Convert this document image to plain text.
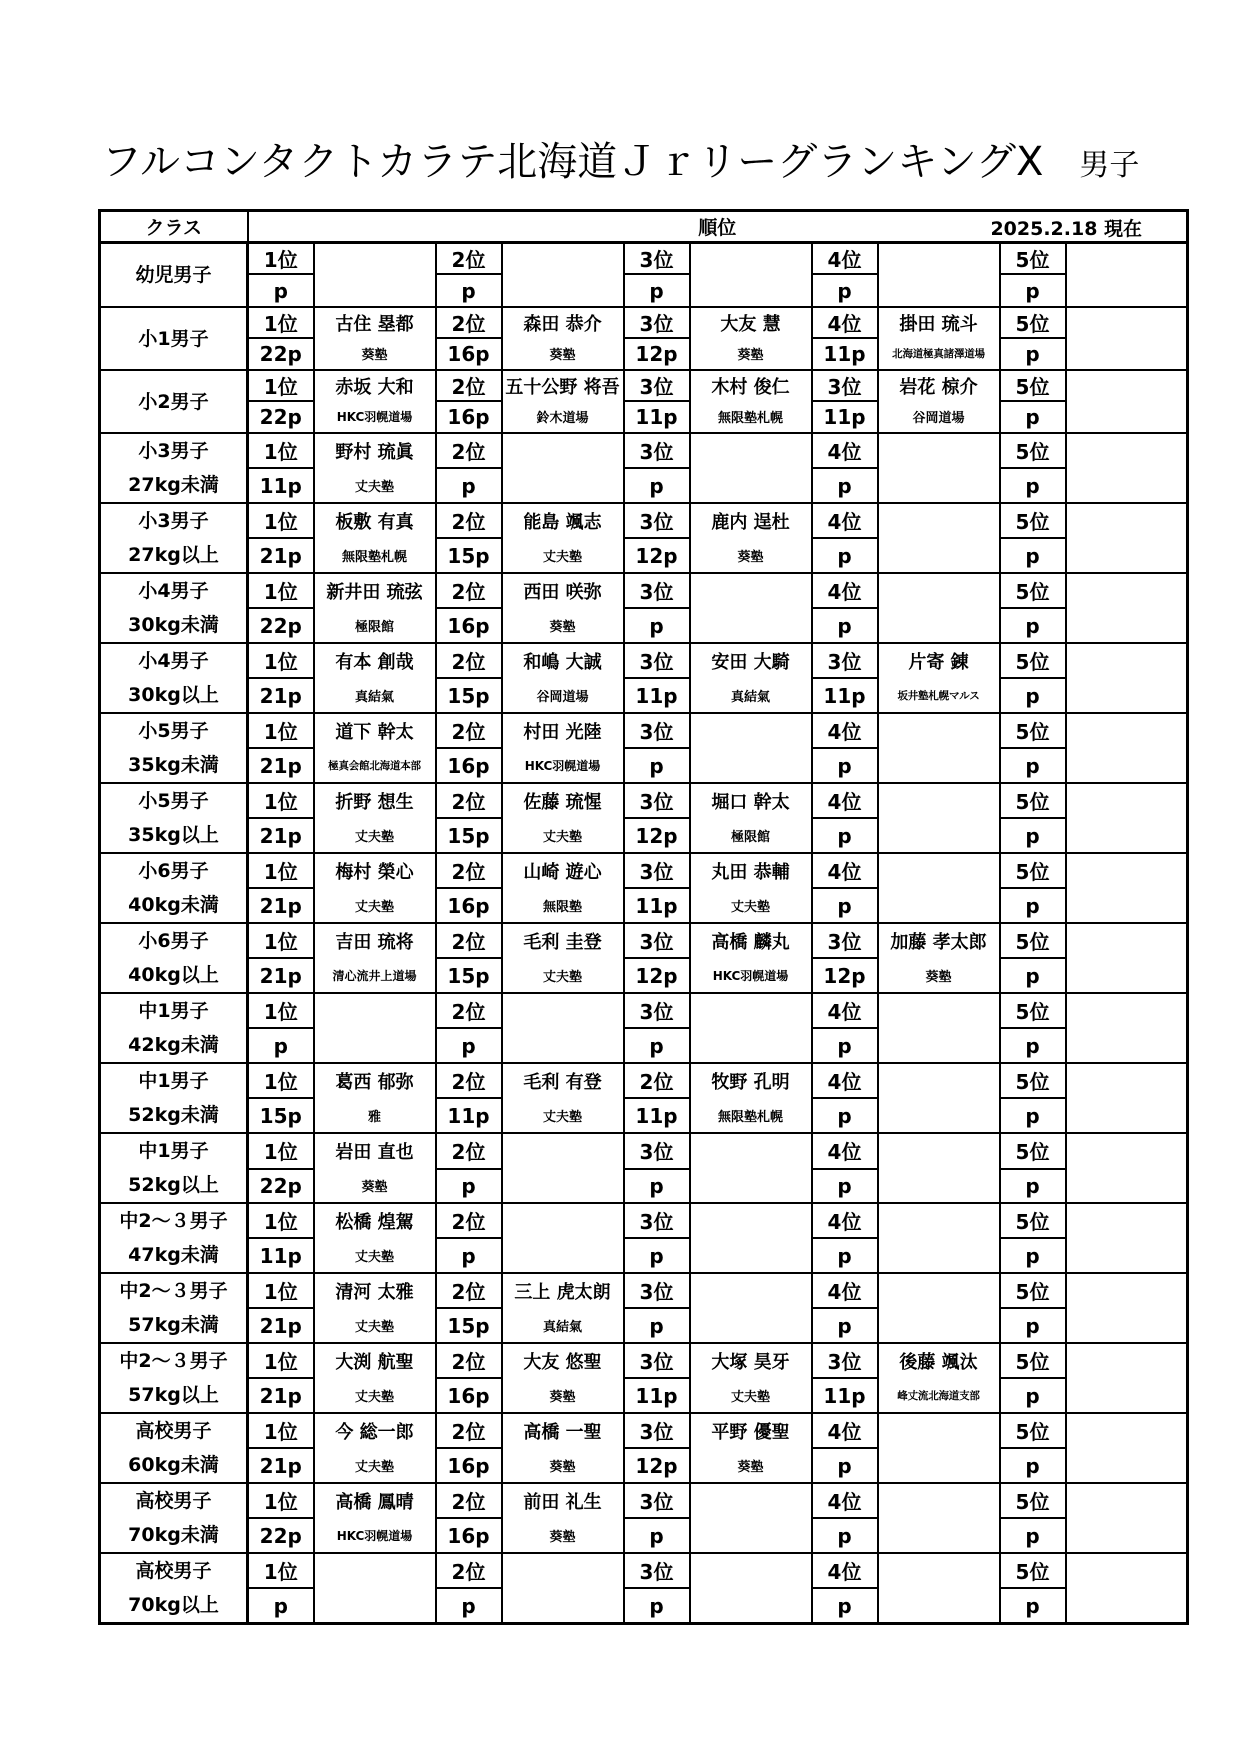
フルコンタクトカラテ北海道ＪｒリーグランキングX 男子
クラス	順位 2025.2.18 現在									

幼児男子	1位		2位		3位		4位		5位	
	p		p		p		p		p	

小1男子	1位	古住 塁都	2位	森田 恭介	3位	大友 慧	4位	掛田 琉斗	5位	
	22p	葵塾	16p	葵塾	12p	葵塾	11p	北海道極真諸澤道場	p	

小2男子	1位	赤坂 大和	2位	五十公野 将吾	3位	木村 俊仁	3位	岩花 椋介	5位	
	22p	HKC羽幌道場	16p	鈴木道場	11p	無限塾札幌	11p	谷岡道場	p	

小3男子
27kg未満	1位	野村 琉眞	2位		3位		4位		5位	
	11p	丈夫塾	p		p		p		p	

小3男子
27kg以上	1位	板敷 有真	2位	能島 颯志	3位	鹿内 逞杜	4位		5位	
	21p	無限塾札幌	15p	丈夫塾	12p	葵塾	p		p	

小4男子
30kg未満	1位	新井田 琉弦	2位	西田 咲弥	3位		4位		5位	
	22p	極限館	16p	葵塾	p		p		p	

小4男子
30kg以上	1位	有本 創哉	2位	和嶋 大誠	3位	安田 大騎	3位	片寄 錬	5位	
	21p	真結氣	15p	谷岡道場	11p	真結氣	11p	坂井塾札幌マルス	p	

小5男子
35kg未満	1位	道下 幹太	2位	村田 光陸	3位		4位		5位	
	21p	極真会館北海道本部	16p	HKC羽幌道場	p		p		p	

小5男子
35kg以上	1位	折野 想生	2位	佐藤 琉惺	3位	堀口 幹太	4位		5位	
	21p	丈夫塾	15p	丈夫塾	12p	極限館	p		p	

小6男子
40kg未満	1位	梅村 榮心	2位	山崎 遊心	3位	丸田 恭輔	4位		5位	
	21p	丈夫塾	16p	無限塾	11p	丈夫塾	p		p	

小6男子
40kg以上	1位	吉田 琉将	2位	毛利 圭登	3位	高橋 麟丸	3位	加藤 孝太郎	5位	
	21p	清心流井上道場	15p	丈夫塾	12p	HKC羽幌道場	12p	葵塾	p	

中1男子
42kg未満	1位		2位		3位		4位		5位	
	p		p		p		p		p	

中1男子
52kg未満	1位	葛西 郁弥	2位	毛利 有登	2位	牧野 孔明	4位		5位	
	15p	雅	11p	丈夫塾	11p	無限塾札幌	p		p	

中1男子
52kg以上	1位	岩田 直也	2位		3位		4位		5位	
	22p	葵塾	p		p		p		p	

中2～３男子
47kg未満	1位	松橋 煌駕	2位		3位		4位		5位	
	11p	丈夫塾	p		p		p		p	

中2～３男子
57kg未満	1位	清河 太雅	2位	三上 虎太朗	3位		4位		5位	
	21p	丈夫塾	15p	真結氣	p		p		p	

中2～３男子
57kg以上	1位	大渕 航聖	2位	大友 悠聖	3位	大塚 昊牙	3位	後藤 颯汰	5位	
	21p	丈夫塾	16p	葵塾	11p	丈夫塾	11p	峰丈流北海道支部	p	

高校男子
60kg未満	1位	今 総一郎	2位	高橋 一聖	3位	平野 優聖	4位		5位	
	21p	丈夫塾	16p	葵塾	12p	葵塾	p		p	

高校男子
70kg未満	1位	高橋 鳳晴	2位	前田 礼生	3位		4位		5位	
	22p	HKC羽幌道場	16p	葵塾	p		p		p	

高校男子
70kg以上	1位		2位		3位		4位		5位	
	p		p		p		p		p	
